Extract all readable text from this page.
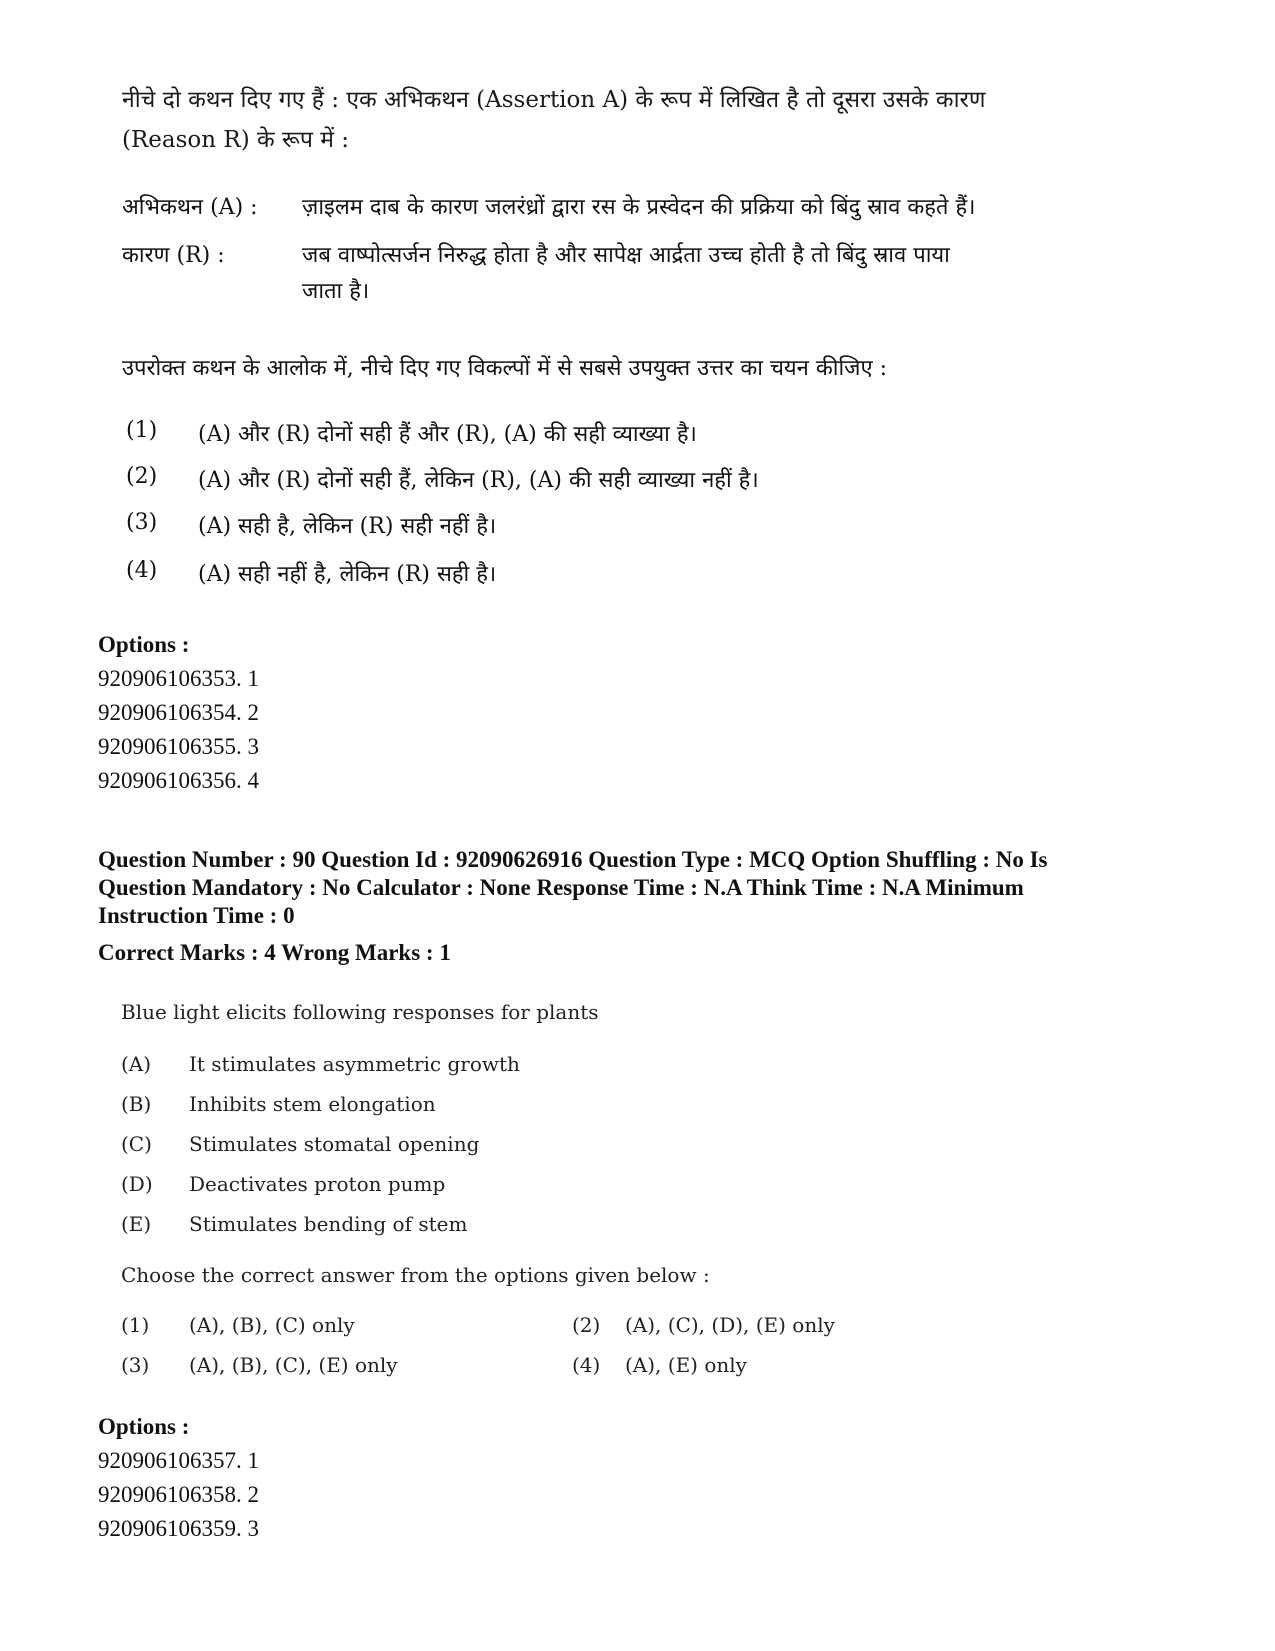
नीचे दो कथन दिए गए हैं : एक अभिकथन (Assertion A) के रूप में लिखित है तो दूसरा उसके कारण
(Reason R) के रूप में :
अभिकथन (A) :	ज़ाइलम दाब के कारण जलरंध्रों द्वारा रस के प्रस्वेदन की प्रक्रिया को बिंदु स्राव कहते हैं।
कारण (R) :	जब वाष्पोत्सर्जन निरुद्ध होता है और सापेक्ष आर्द्रता उच्च होती है तो बिंदु स्राव पाया
जाता है।
उपरोक्त कथन के आलोक में, नीचे दिए गए विकल्पों में से सबसे उपयुक्त उत्तर का चयन कीजिए :
(1)	(A) और (R) दोनों सही हैं और (R), (A) की सही व्याख्या है।
(2)	(A) और (R) दोनों सही हैं, लेकिन (R), (A) की सही व्याख्या नहीं है।
(3)	(A) सही है, लेकिन (R) सही नहीं है।
(4)	(A) सही नहीं है, लेकिन (R) सही है।
Options :
920906106353. 1
920906106354. 2
920906106355. 3
920906106356. 4
Question Number : 90 Question Id : 92090626916 Question Type : MCQ Option Shuffling : No Is
Question Mandatory : No Calculator : None Response Time : N.A Think Time : N.A Minimum
Instruction Time : 0
Correct Marks : 4 Wrong Marks : 1
Blue light elicits following responses for plants
(A) It stimulates asymmetric growth
(B) Inhibits stem elongation
(C) Stimulates stomatal opening
(D) Deactivates proton pump
(E) Stimulates bending of stem
Choose the correct answer from the options given below :
(1) (A), (B), (C) only	(2) (A), (C), (D), (E) only
(3) (A), (B), (C), (E) only	(4) (A), (E) only
Options :
920906106357. 1
920906106358. 2
920906106359. 3
